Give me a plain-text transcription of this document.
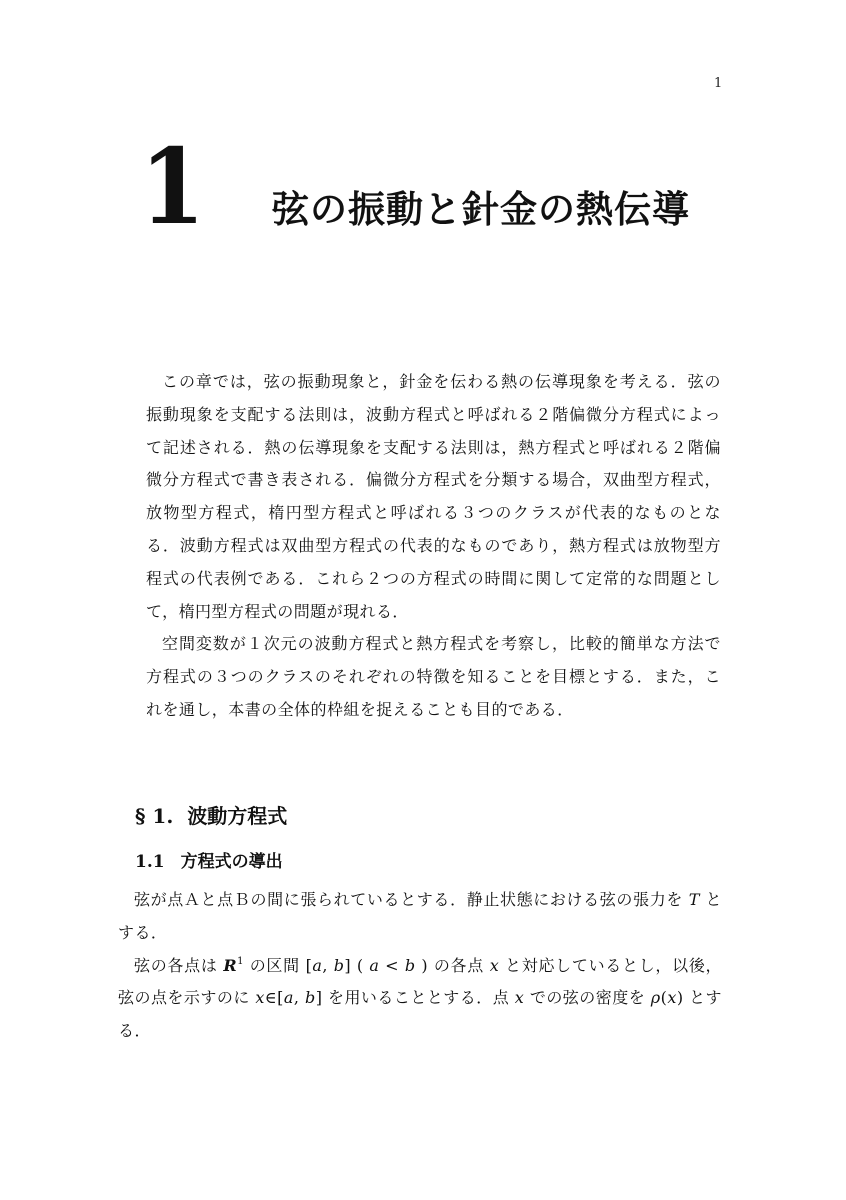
1
1 弦の振動と針金の熱伝導

この章では，弦の振動現象と，針金を伝わる熱の伝導現象を考える．弦の振動現象を支配する法則は，波動方程式と呼ばれる２階偏微分方程式によって記述される．熱の伝導現象を支配する法則は，熱方程式と呼ばれる２階偏微分方程式で書き表される．偏微分方程式を分類する場合，双曲型方程式，放物型方程式，楕円型方程式と呼ばれる３つのクラスが代表的なものとなる．波動方程式は双曲型方程式の代表的なものであり，熱方程式は放物型方程式の代表例である．これら２つの方程式の時間に関して定常的な問題として，楕円型方程式の問題が現れる．

空間変数が１次元の波動方程式と熱方程式を考察し，比較的簡単な方法で方程式の３つのクラスのそれぞれの特徴を知ることを目標とする．また，これを通し，本書の全体的枠組を捉えることも目的である．

§ 1. 波動方程式
1.1 方程式の導出

弦が点Ａと点Ｂの間に張られているとする．静止状態における弦の張力を T とする．

弦の各点は $R^1$ の区間 [a, b] ( a < b ) の各点 x と対応しているとし，以後，弦の点を示すのに x∈[a, b] を用いることとする．点 x での弦の密度を ρ(x) とする．
